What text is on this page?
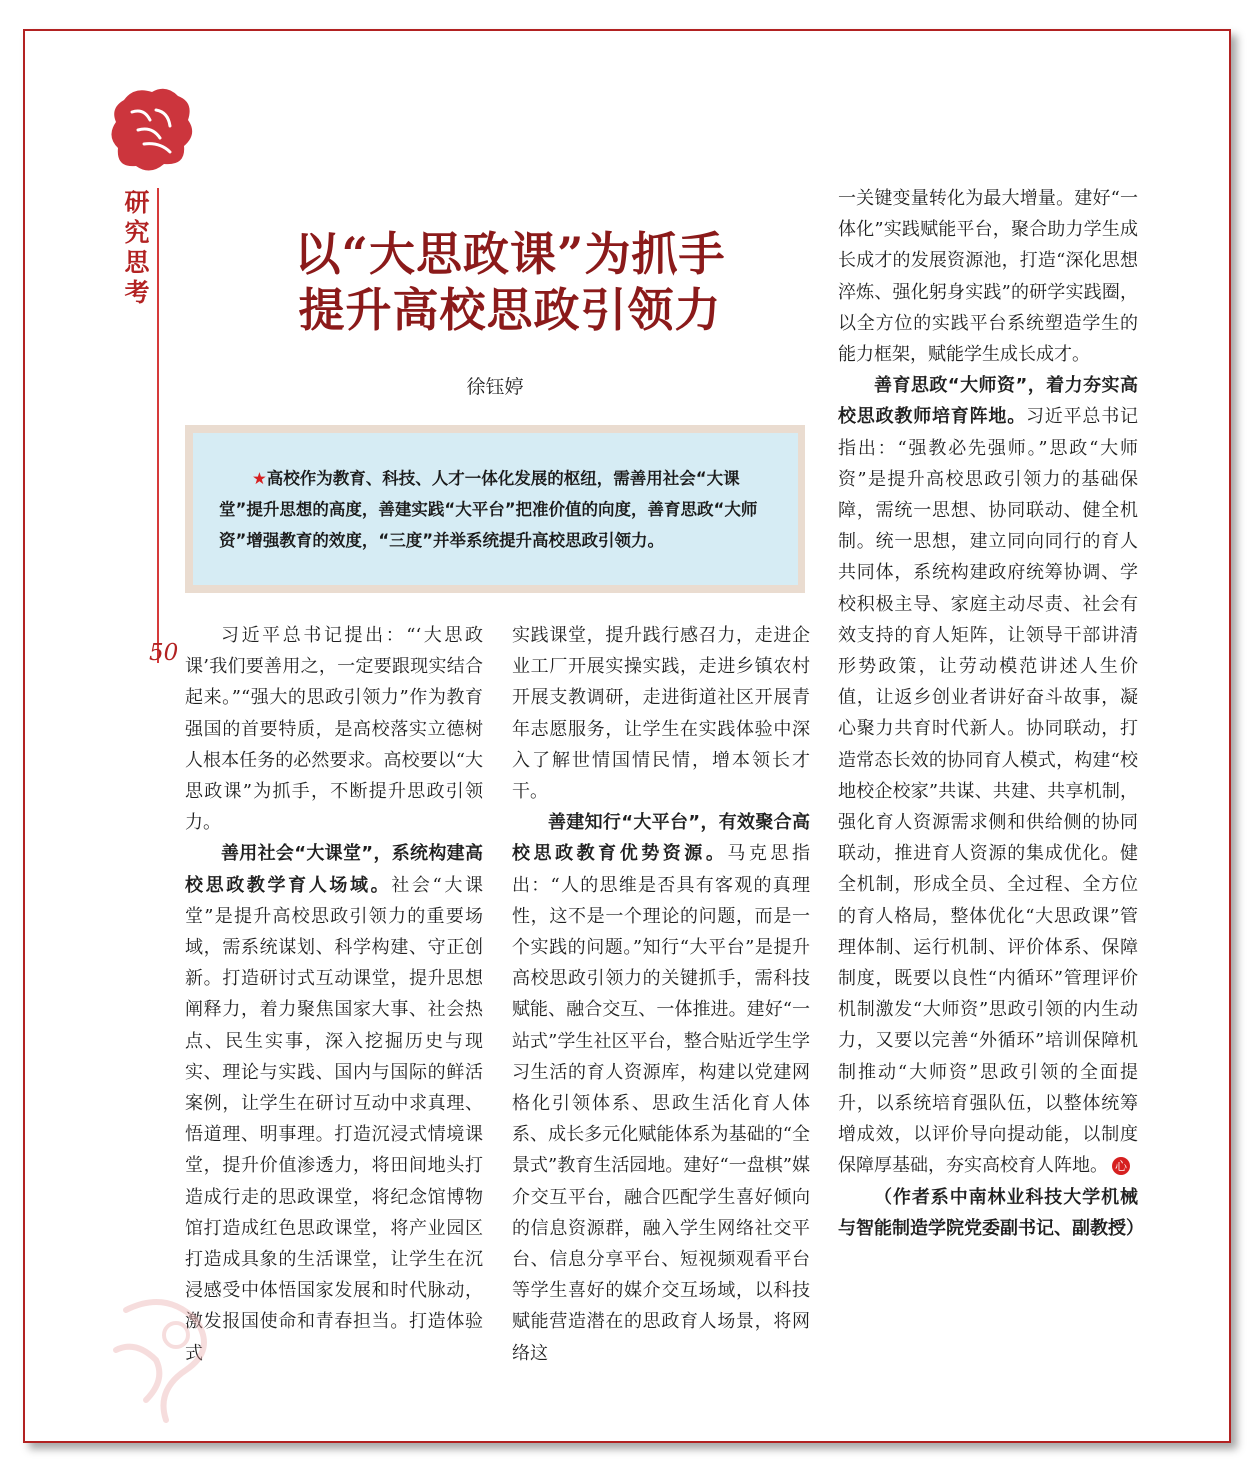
研
究
思
考
50
以“大思政课”为抓手
提升高校思政引领力
徐钰婷
★高校作为教育、科技、人才一体化发展的枢纽，需善用社会“大课堂”提升思想的高度，善建实践“大平台”把准价值的向度，善育思政“大师资”增强教育的效度，“三度”并举系统提升高校思政引领力。

习近平总书记提出：“‘大思政课’我们要善用之，一定要跟现实结合起来。”“强大的思政引领力”作为教育强国的首要特质，是高校落实立德树人根本任务的必然要求。高校要以“大思政课”为抓手，不断提升思政引领力。

善用社会“大课堂”，系统构建高校思政教学育人场域。社会“大课堂”是提升高校思政引领力的重要场域，需系统谋划、科学构建、守正创新。打造研讨式互动课堂，提升思想阐释力，着力聚焦国家大事、社会热点、民生实事，深入挖掘历史与现实、理论与实践、国内与国际的鲜活案例，让学生在研讨互动中求真理、悟道理、明事理。打造沉浸式情境课堂，提升价值渗透力，将田间地头打造成行走的思政课堂，将纪念馆博物馆打造成红色思政课堂，将产业园区打造成具象的生活课堂，让学生在沉浸感受中体悟国家发展和时代脉动，激发报国使命和青春担当。打造体验式

实践课堂，提升践行感召力，走进企业工厂开展实操实践，走进乡镇农村开展支教调研，走进街道社区开展青年志愿服务，让学生在实践体验中深入了解世情国情民情，增本领长才干。

善建知行“大平台”，有效聚合高校思政教育优势资源。马克思指出：“人的思维是否具有客观的真理性，这不是一个理论的问题，而是一个实践的问题。”知行“大平台”是提升高校思政引领力的关键抓手，需科技赋能、融合交互、一体推进。建好“一站式”学生社区平台，整合贴近学生学习生活的育人资源库，构建以党建网格化引领体系、思政生活化育人体系、成长多元化赋能体系为基础的“全景式”教育生活园地。建好“一盘棋”媒介交互平台，融合匹配学生喜好倾向的信息资源群，融入学生网络社交平台、信息分享平台、短视频观看平台等学生喜好的媒介交互场域，以科技赋能营造潜在的思政育人场景，将网络这

一关键变量转化为最大增量。建好“一体化”实践赋能平台，聚合助力学生成长成才的发展资源池，打造“深化思想淬炼、强化躬身实践”的研学实践圈，以全方位的实践平台系统塑造学生的能力框架，赋能学生成长成才。

善育思政“大师资”，着力夯实高校思政教师培育阵地。习近平总书记指出：“强教必先强师。”思政“大师资”是提升高校思政引领力的基础保障，需统一思想、协同联动、健全机制。统一思想，建立同向同行的育人共同体，系统构建政府统筹协调、学校积极主导、家庭主动尽责、社会有效支持的育人矩阵，让领导干部讲清形势政策，让劳动模范讲述人生价值，让返乡创业者讲好奋斗故事，凝心聚力共育时代新人。协同联动，打造常态长效的协同育人模式，构建“校地校企校家”共谋、共建、共享机制，强化育人资源需求侧和供给侧的协同联动，推进育人资源的集成优化。健全机制，形成全员、全过程、全方位的育人格局，整体优化“大思政课”管理体制、运行机制、评价体系、保障制度，既要以良性“内循环”管理评价机制激发“大师资”思政引领的内生动力，又要以完善“外循环”培训保障机制推动“大师资”思政引领的全面提升，以系统培育强队伍，以整体统筹增成效，以评价导向提动能，以制度保障厚基础，夯实高校育人阵地。 心

（作者系中南林业科技大学机械与智能制造学院党委副书记、副教授）
